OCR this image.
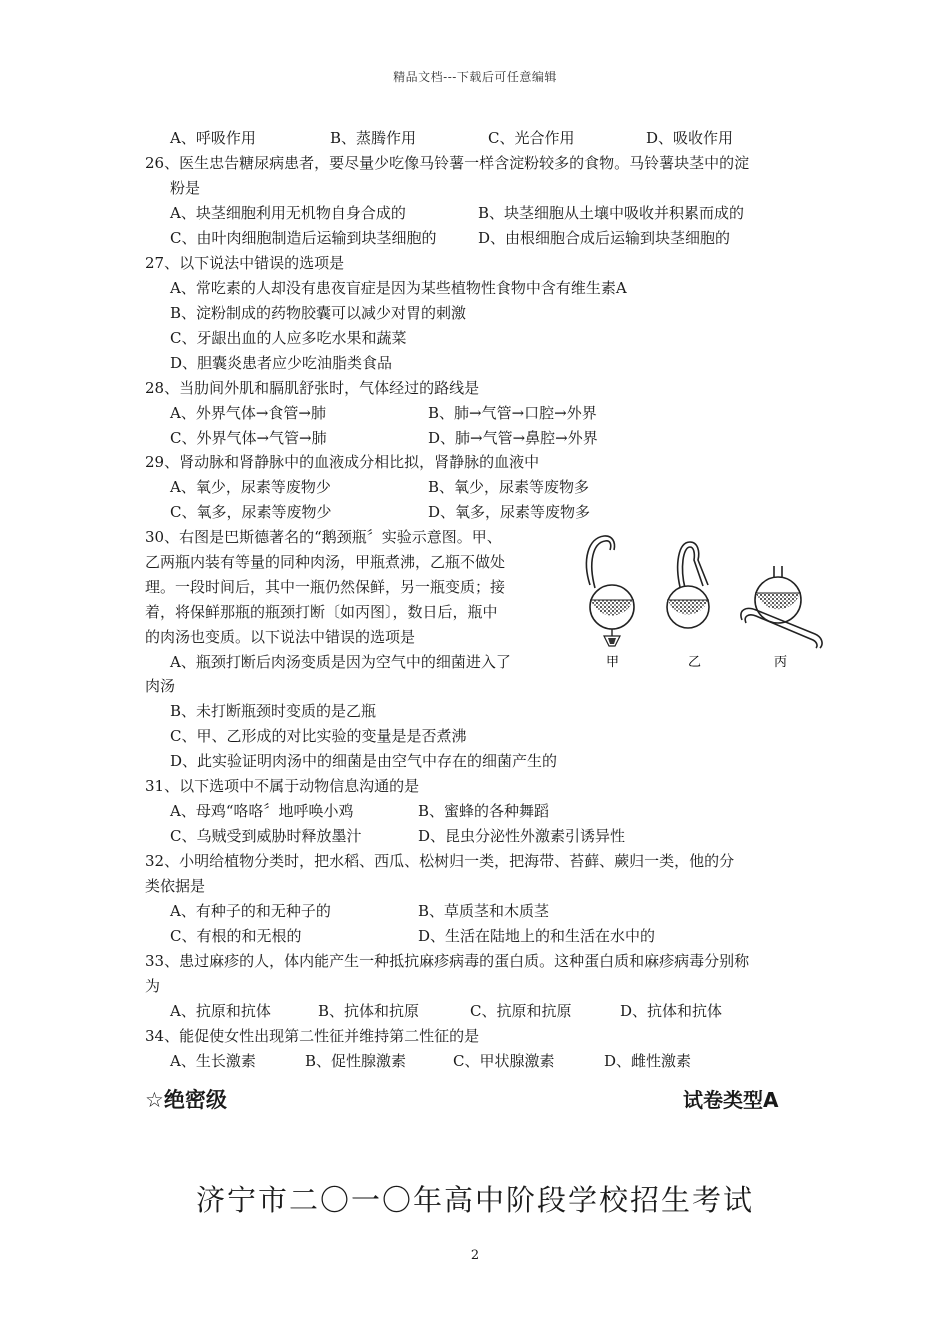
精品文档---下载后可任意编辑
A、呼吸作用	B、蒸腾作用	C、光合作用	D、吸收作用
26、医生忠告糖尿病患者，要尽量少吃像马铃薯一样含淀粉较多的食物。马铃薯块茎中的淀
粉是
A、块茎细胞利用无机物自身合成的	B、块茎细胞从土壤中吸收并积累而成的
C、由叶肉细胞制造后运输到块茎细胞的	D、由根细胞合成后运输到块茎细胞的
27、以下说法中错误的选项是
A、常吃素的人却没有患夜盲症是因为某些植物性食物中含有维生素A
B、淀粉制成的药物胶囊可以减少对胃的刺激
C、牙龈出血的人应多吃水果和蔬菜
D、胆囊炎患者应少吃油脂类食品
28、当肋间外肌和膈肌舒张时，气体经过的路线是
A、外界气体→食管→肺	B、肺→气管→口腔→外界
C、外界气体→气管→肺	D、肺→气管→鼻腔→外界
29、肾动脉和肾静脉中的血液成分相比拟，肾静脉的血液中
A、氧少，尿素等废物少	B、氧少，尿素等废物多
C、氧多，尿素等废物少	D、氧多，尿素等废物多
30、右图是巴斯德著名的“鹅颈瓶〞实验示意图。甲、
乙两瓶内装有等量的同种肉汤，甲瓶煮沸，乙瓶不做处
理。一段时间后，其中一瓶仍然保鲜，另一瓶变质；接
着，将保鲜那瓶的瓶颈打断〔如丙图〕，数日后，瓶中
的肉汤也变质。以下说法中错误的选项是
A、瓶颈打断后肉汤变质是因为空气中的细菌进入了
肉汤
B、未打断瓶颈时变质的是乙瓶
C、甲、乙形成的对比实验的变量是是否煮沸
D、此实验证明肉汤中的细菌是由空气中存在的细菌产生的
甲	乙	丙
31、以下选项中不属于动物信息沟通的是
A、母鸡“咯咯〞地呼唤小鸡	B、蜜蜂的各种舞蹈
C、乌贼受到威胁时释放墨汁	D、昆虫分泌性外激素引诱异性
32、小明给植物分类时，把水稻、西瓜、松树归一类，把海带、苔藓、蕨归一类，他的分
类依据是
A、有种子的和无种子的	B、草质茎和木质茎
C、有根的和无根的	D、生活在陆地上的和生活在水中的
33、患过麻疹的人，体内能产生一种抵抗麻疹病毒的蛋白质。这种蛋白质和麻疹病毒分别称
为
A、抗原和抗体	B、抗体和抗原	C、抗原和抗原	D、抗体和抗体
34、能促使女性出现第二性征并维持第二性征的是
A、生长激素	B、促性腺激素	C、甲状腺激素	D、雌性激素
☆绝密级	试卷类型A
济宁市二〇一〇年高中阶段学校招生考试
2
